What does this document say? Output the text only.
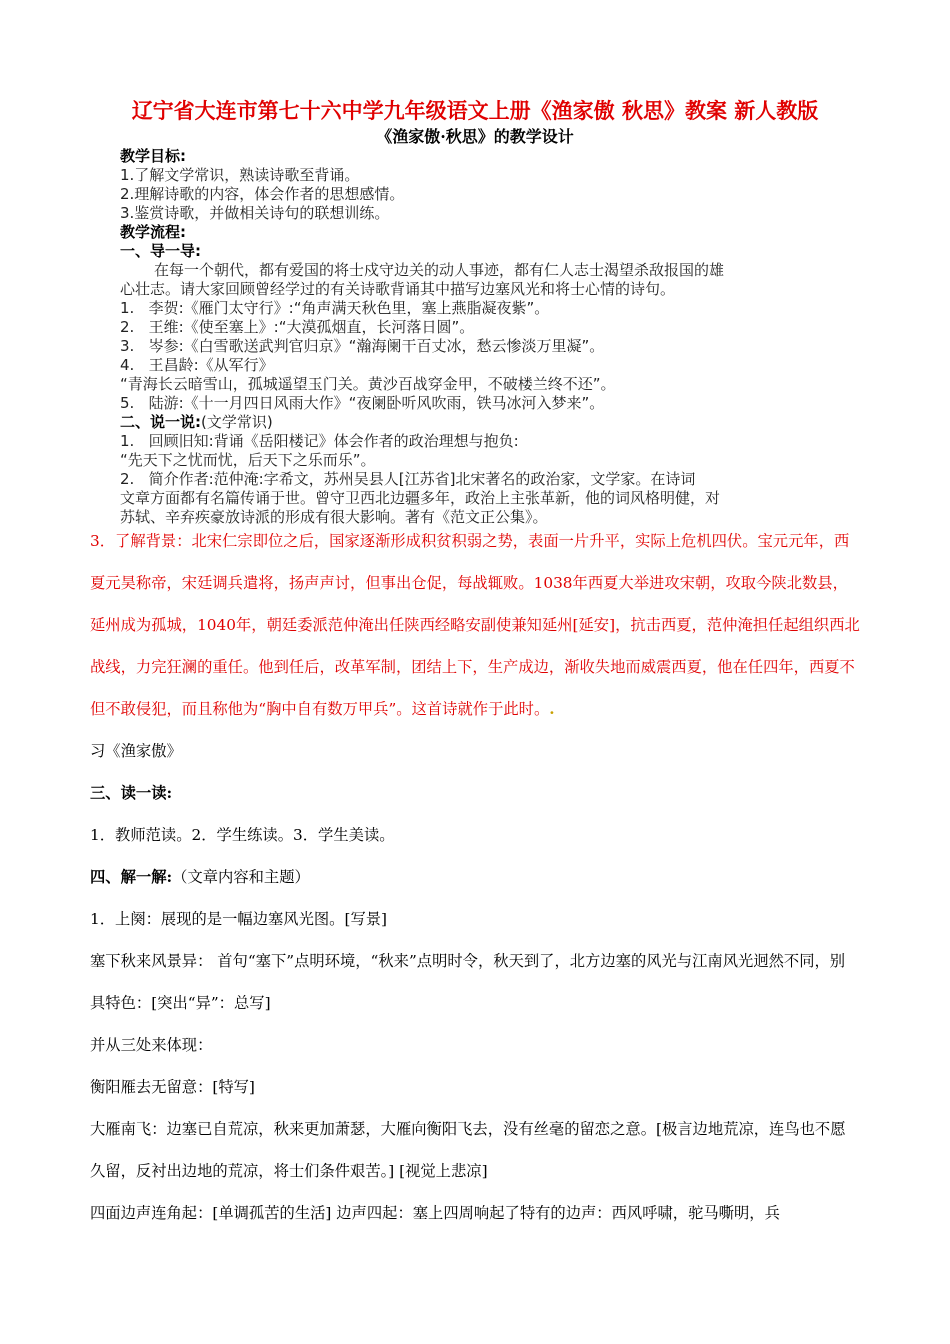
辽宁省大连市第七十六中学九年级语文上册《渔家傲 秋思》教案 新人教版
《渔家傲·秋思》的教学设计
教学目标:
1.了解文学常识，熟读诗歌至背诵。
2.理解诗歌的内容，体会作者的思想感情。
3.鉴赏诗歌，并做相关诗句的联想训练。
教学流程:
一、导一导:
在每一个朝代，都有爱国的将士戍守边关的动人事迹，都有仁人志士渴望杀敌报国的雄
心壮志。请大家回顾曾经学过的有关诗歌背诵其中描写边塞风光和将士心情的诗句。
1.   李贺:《雁门太守行》:“角声满天秋色里，塞上燕脂凝夜紫”。
2.   王维:《使至塞上》:“大漠孤烟直，长河落日圆”。
3.   岑参:《白雪歌送武判官归京》“瀚海阑干百丈冰，愁云惨淡万里凝”。
4.   王昌龄:《从军行》
“青海长云暗雪山，孤城遥望玉门关。黄沙百战穿金甲，不破楼兰终不还”。
5.   陆游:《十一月四日风雨大作》“夜阑卧听风吹雨，铁马冰河入梦来”。
二、说一说:(文学常识)
1.   回顾旧知:背诵《岳阳楼记》体会作者的政治理想与抱负:
“先天下之忧而忧，后天下之乐而乐”。
2.   简介作者:范仲淹:字希文，苏州吴县人[江苏省]北宋著名的政治家，文学家。在诗词
文章方面都有名篇传诵于世。曾守卫西北边疆多年，政治上主张革新，他的词风格明健，对
苏轼、辛弃疾豪放诗派的形成有很大影响。著有《范文正公集》。
3．了解背景：北宋仁宗即位之后，国家逐渐形成积贫积弱之势，表面一片升平，实际上危机四伏。宝元元年，西夏元昊称帝，宋廷调兵遣将，扬声声讨，但事出仓促，每战辄败。1038年西夏大举进攻宋朝，攻取今陕北数县，延州成为孤城，1040年，朝廷委派范仲淹出任陕西经略安副使兼知延州[延安]，抗击西夏，范仲淹担任起组织西北战线，力完狂澜的重任。他到任后，改革军制，团结上下，生产成边，渐收失地而威震西夏，他在任四年，西夏不但不敢侵犯，而且称他为“胸中自有数万甲兵”。这首诗就作于此时。.
习《渔家傲》
三、读一读:
1．教师范读。2．学生练读。3．学生美读。
四、解一解:（文章内容和主题）
1．上阕：展现的是一幅边塞风光图。[写景]
塞下秋来风景异： 首句“塞下”点明环境，“秋来”点明时令，秋天到了，北方边塞的风光与江南风光迥然不同，别具特色：[突出“异”：总写]
并从三处来体现：
衡阳雁去无留意：[特写]
大雁南飞：边塞已自荒凉，秋来更加萧瑟，大雁向衡阳飞去，没有丝毫的留恋之意。[极言边地荒凉，连鸟也不愿久留，反衬出边地的荒凉，将士们条件艰苦。] [视觉上悲凉]
四面边声连角起：[单调孤苦的生活] 边声四起：塞上四周响起了特有的边声：西风呼啸，驼马嘶明，兵
